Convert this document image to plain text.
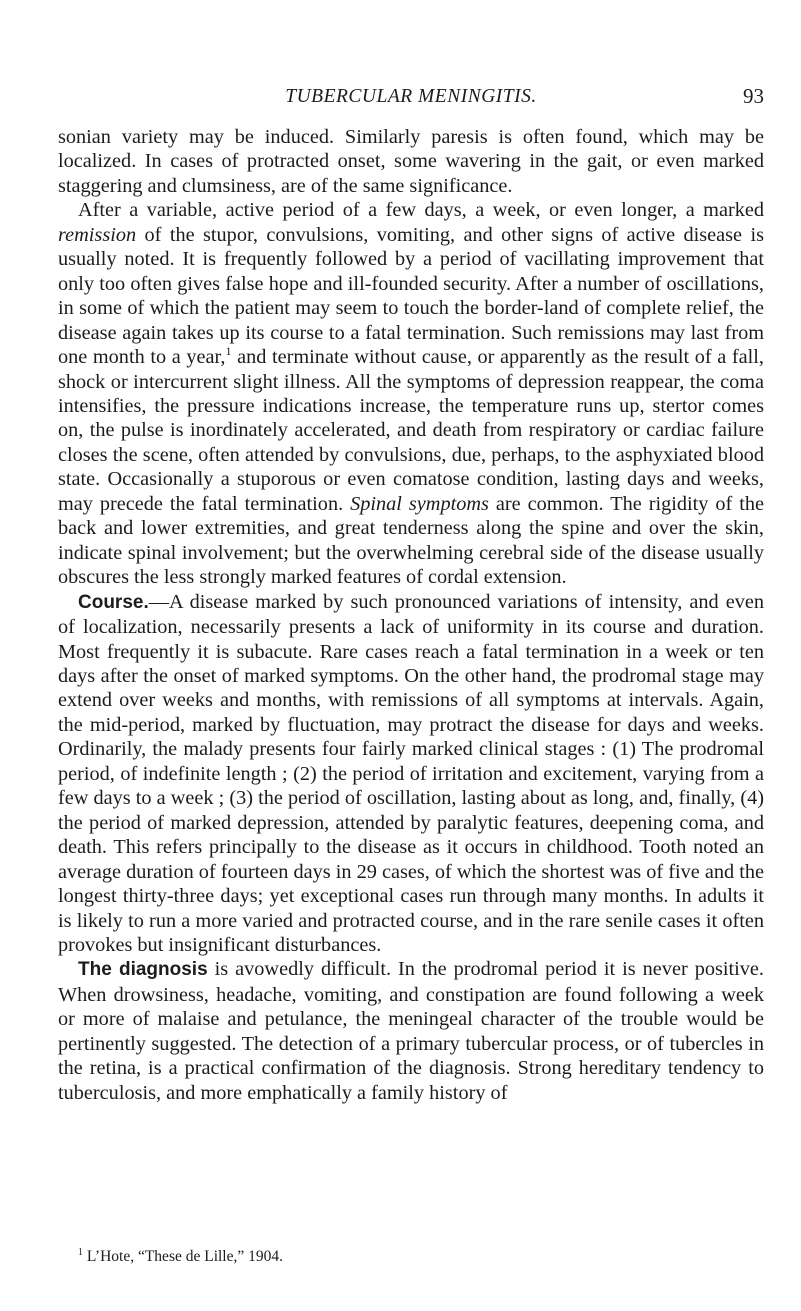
TUBERCULAR MENINGITIS.	93

sonian variety may be induced. Similarly paresis is often found, which may be localized. In cases of protracted onset, some wavering in the gait, or even marked staggering and clumsiness, are of the same significance.

After a variable, active period of a few days, a week, or even longer, a marked remission of the stupor, convulsions, vomiting, and other signs of active disease is usually noted. It is frequently followed by a period of vacillating improvement that only too often gives false hope and ill-founded security. After a number of oscillations, in some of which the patient may seem to touch the border-land of complete relief, the disease again takes up its course to a fatal termination. Such remissions may last from one month to a year,$^1$ and terminate without cause, or apparently as the result of a fall, shock or intercurrent slight illness. All the symptoms of depression reappear, the coma intensifies, the pressure indications increase, the temperature runs up, stertor comes on, the pulse is inordinately accelerated, and death from respiratory or cardiac failure closes the scene, often attended by convulsions, due, perhaps, to the asphyxiated blood state. Occasionally a stuporous or even comatose condition, lasting days and weeks, may precede the fatal termination. Spinal symptoms are common. The rigidity of the back and lower extremities, and great tenderness along the spine and over the skin, indicate spinal involvement; but the overwhelming cerebral side of the disease usually obscures the less strongly marked features of cordal extension.

Course.—A disease marked by such pronounced variations of intensity, and even of localization, necessarily presents a lack of uniformity in its course and duration. Most frequently it is subacute. Rare cases reach a fatal termination in a week or ten days after the onset of marked symptoms. On the other hand, the prodromal stage may extend over weeks and months, with remissions of all symptoms at intervals. Again, the mid-period, marked by fluctuation, may protract the disease for days and weeks. Ordinarily, the malady presents four fairly marked clinical stages : (1) The prodromal period, of indefinite length ; (2) the period of irritation and excitement, varying from a few days to a week ; (3) the period of oscillation, lasting about as long, and, finally, (4) the period of marked depression, attended by paralytic features, deepening coma, and death. This refers principally to the disease as it occurs in childhood. Tooth noted an average duration of fourteen days in 29 cases, of which the shortest was of five and the longest thirty-three days; yet exceptional cases run through many months. In adults it is likely to run a more varied and protracted course, and in the rare senile cases it often provokes but insignificant disturbances.

The diagnosis is avowedly difficult. In the prodromal period it is never positive. When drowsiness, headache, vomiting, and constipation are found following a week or more of malaise and petulance, the meningeal character of the trouble would be pertinently suggested. The detection of a primary tubercular process, or of tubercles in the retina, is a practical confirmation of the diagnosis. Strong hereditary tendency to tuberculosis, and more emphatically a family history of

$^1$ L’Hote, “These de Lille,” 1904.
